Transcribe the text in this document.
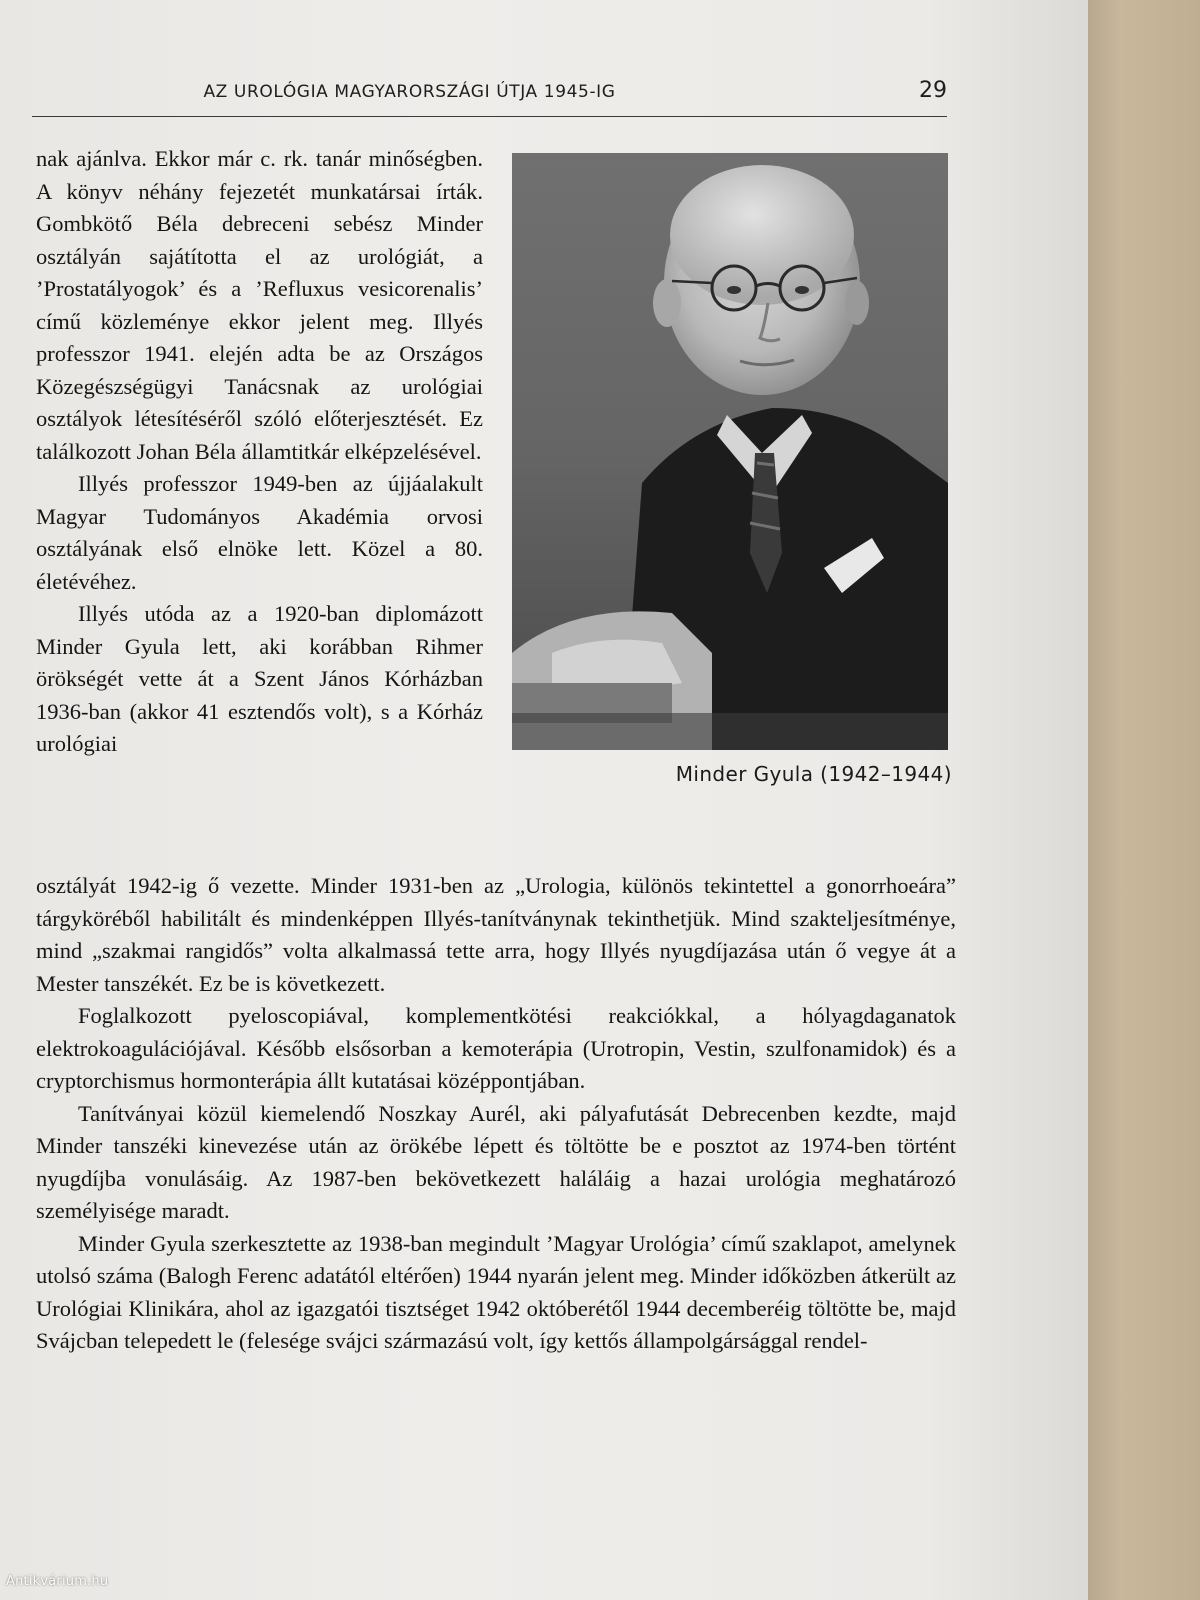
AZ UROLÓGIA MAGYARORSZÁGI ÚTJA 1945-IG	29

nak ajánlva. Ekkor már c. rk. tanár minőségben. A könyv néhány fejezetét munkatársai írták. Gombkötő Béla debreceni sebész Minder osztályán sajátította el az urológiát, a ’Prostatályogok’ és a ’Refluxus vesicorenalis’ című közleménye ekkor jelent meg. Illyés professzor 1941. elején adta be az Országos Közegészségügyi Tanácsnak az urológiai osztályok létesítéséről szóló előterjesztését. Ez találkozott Johan Béla államtitkár elképzelésével.

Illyés professzor 1949-ben az újjáalakult Magyar Tudományos Akadémia orvosi osztályának első elnöke lett. Közel a 80. életévéhez.

Illyés utóda az a 1920-ban diplomázott Minder Gyula lett, aki korábban Rihmer örökségét vette át a Szent János Kórházban 1936-ban (akkor 41 esztendős volt), s a Kórház urológiai

Minder Gyula (1942–1944)

osztályát 1942-ig ő vezette. Minder 1931-ben az „Urologia, különös tekintettel a gonorrhoeára” tárgyköréből habilitált és mindenképpen Illyés-tanítványnak tekinthetjük. Mind szakteljesítménye, mind „szakmai rangidős” volta alkalmassá tette arra, hogy Illyés nyugdíjazása után ő vegye át a Mester tanszékét. Ez be is következett.

Foglalkozott pyeloscopiával, komplementkötési reakciókkal, a hólyagdaganatok elektrokoagulációjával. Később elsősorban a kemoterápia (Urotropin, Vestin, szulfonamidok) és a cryptorchismus hormonterápia állt kutatásai középpontjában.

Tanítványai közül kiemelendő Noszkay Aurél, aki pályafutását Debrecenben kezdte, majd Minder tanszéki kinevezése után az örökébe lépett és töltötte be e posztot az 1974-ben történt nyugdíjba vonulásáig. Az 1987-ben bekövetkezett haláláig a hazai urológia meghatározó személyisége maradt.

Minder Gyula szerkesztette az 1938-ban megindult ’Magyar Urológia’ című szaklapot, amelynek utolsó száma (Balogh Ferenc adatától eltérően) 1944 nyarán jelent meg. Minder időközben átkerült az Urológiai Klinikára, ahol az igazgatói tisztséget 1942 októberétől 1944 decemberéig töltötte be, majd Svájcban telepedett le (felesége svájci származású volt, így kettős állampolgársággal rendel-

Antikvárium.hu
